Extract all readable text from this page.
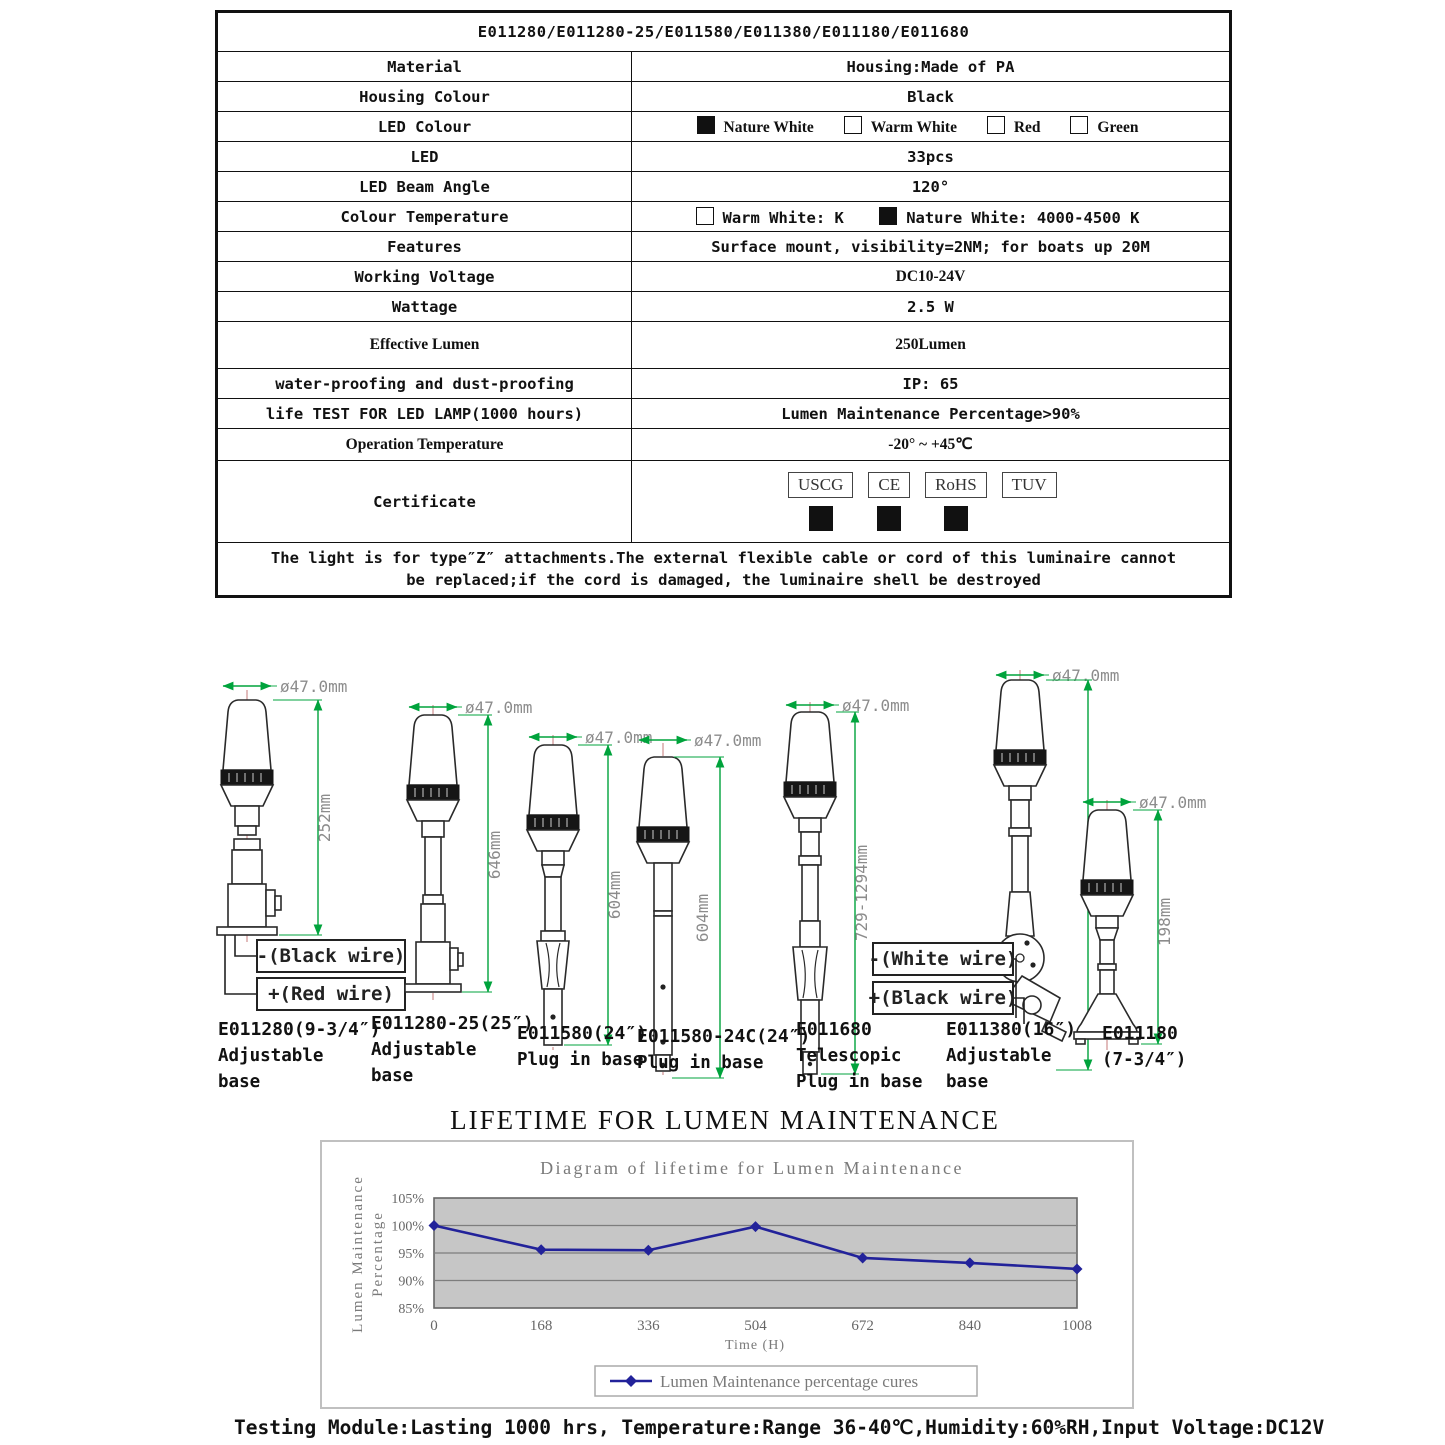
E011280/E011280-25/E011580/E011380/E011180/E011680	
Material	Housing:Made of PA
Housing Colour	Black
LED Colour	Nature White Warm White Red Green
LED	33pcs
LED Beam Angle	120°
Colour Temperature	Warm White: K Nature White: 4000-4500 K
Features	Surface mount, visibility=2NM; for boats up 20M
Working Voltage	DC10-24V
Wattage	2.5 W
Effective Lumen	250Lumen
water-proofing and dust-proofing	IP: 65
life TEST FOR LED LAMP(1000 hours)	Lumen Maintenance Percentage>90%
Operation Temperature	-20° ~ +45℃
Certificate	USCG CE RoHS TUV

The light is for type″Z″ attachments.The external flexible cable or cord of this luminaire cannot
be replaced;if the cord is damaged, the luminaire shell be destroyed	
ø47.0mm
252mm
-(Black wire)
+(Red wire)
ø47.0mm
646mm
ø47.0mm
604mm
ø47.0mm
604mm
ø47.0mm
729-1294mm
ø47.0mm
-(White wire)
+(Black wire)
ø47.0mm
198mm
E011280(9-3/4″)
Adjustable
base
E011280-25(25″)
Adjustable
base
E011580(24″)
Plug in base
E011580-24C(24″)
Plug in base
E011680
Telescopic
Plug in base
E011380(16″)
Adjustable
base
E011180
(7-3/4″)
LIFETIME FOR LUMEN MAINTENANCE
Diagram of lifetime for Lumen Maintenance
105%
100%
95%
90%
85%
0	168	336	504	672	840	1008
Lumen Maintenance Percentage
Time (H)
Lumen Maintenance percentage cures
Testing Module:Lasting 1000 hrs, Temperature:Range 36-40℃,Humidity:60%RH,Input Voltage:DC12V
